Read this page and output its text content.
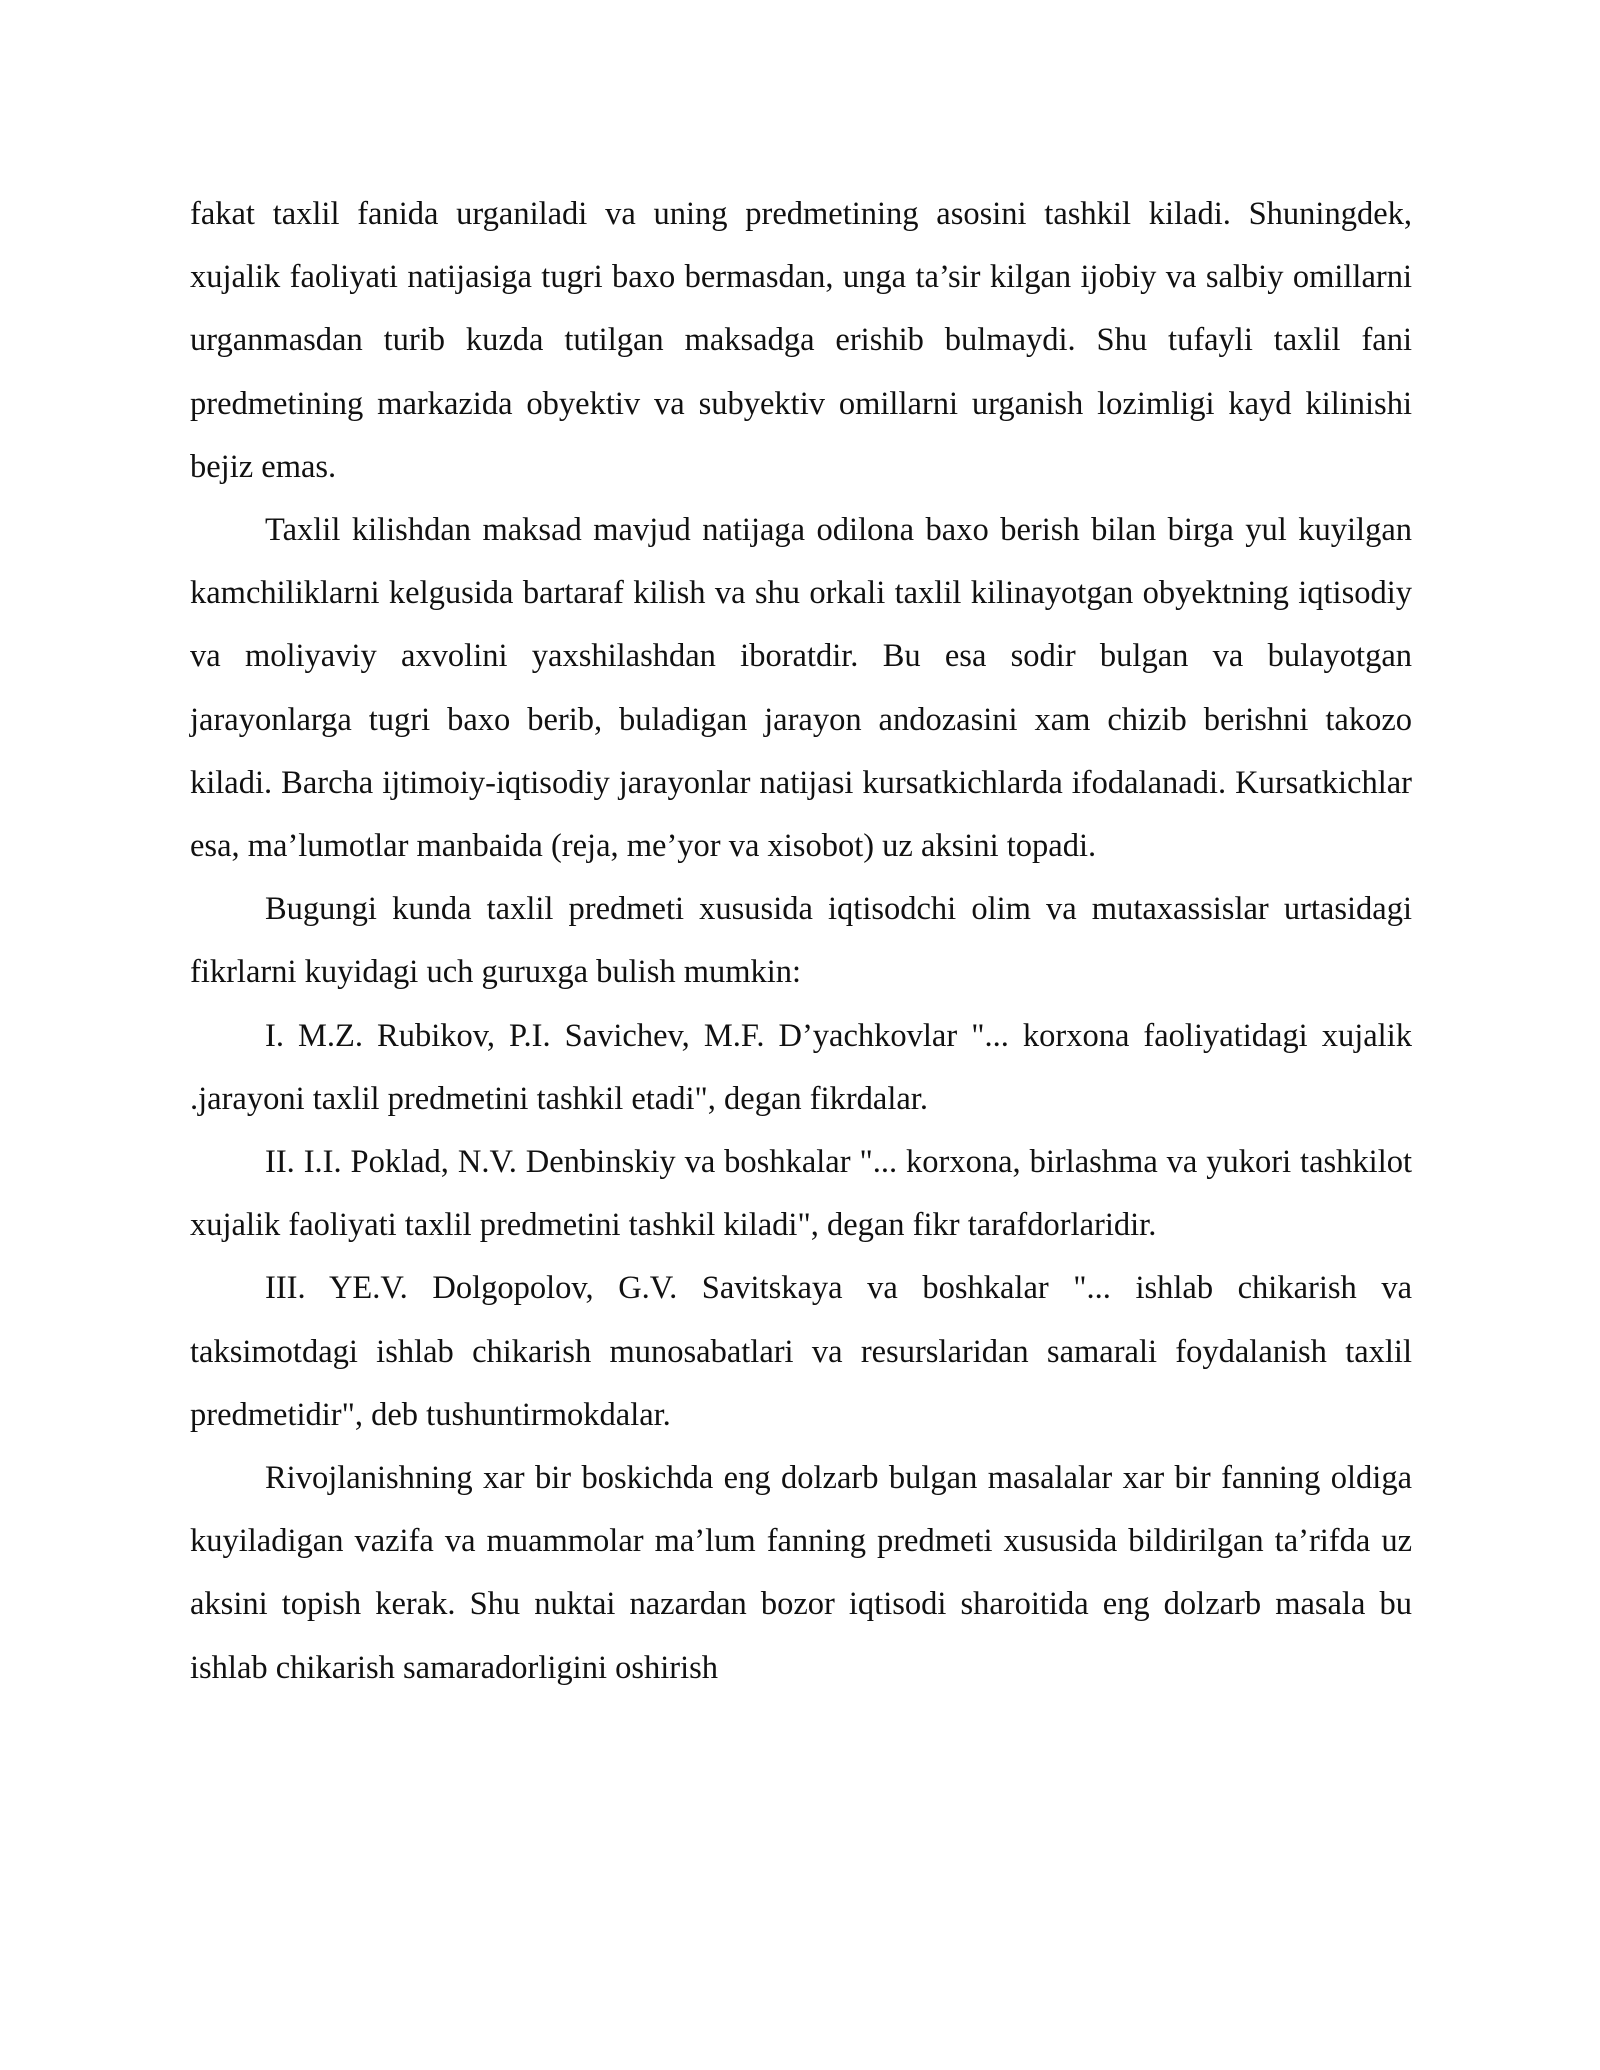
fakat taxlil fanida urganiladi va uning predmetining asosini tashkil kiladi. Shuningdek, xujalik faoliyati natijasiga tugri baxo bermasdan, unga ta’sir kilgan ijobiy va salbiy omillarni urganmasdan turib kuzda tutilgan maksadga erishib bulmaydi. Shu tufayli taxlil fani predmetining markazida obyektiv va subyektiv omillarni urganish lozimligi kayd kilinishi bejiz emas.

Taxlil kilishdan maksad mavjud natijaga odilona baxo berish bilan birga yul kuyilgan kamchiliklarni kelgusida bartaraf kilish va shu orkali taxlil kilinayotgan obyektning iqtisodiy va moliyaviy axvolini yaxshilashdan iboratdir. Bu esa sodir bulgan va bulayotgan jarayonlarga tugri baxo berib, buladigan jarayon andozasini xam chizib berishni takozo kiladi. Barcha ijtimoiy-iqtisodiy jarayonlar natijasi kursatkichlarda ifodalanadi. Kursatkichlar esa, ma’lumotlar manbaida (reja, me’yor va xisobot) uz aksini topadi.

Bugungi kunda taxlil predmeti xususida iqtisodchi olim va mutaxassislar urtasidagi fikrlarni kuyidagi uch guruxga bulish mumkin:

I. M.Z. Rubikov, P.I. Savichev, M.F. D’yachkovlar "... korxona faoliyatidagi xujalik .jarayoni taxlil predmetini tashkil etadi", degan fikrdalar.

II. I.I. Poklad, N.V. Denbinskiy va boshkalar "... korxona, birlashma va yukori tashkilot xujalik faoliyati taxlil predmetini tashkil kiladi", degan fikr tarafdorlaridir.

III. YE.V. Dolgopolov, G.V. Savitskaya va boshkalar "... ishlab chikarish va taksimotdagi ishlab chikarish munosabatlari va resurslaridan samarali foydalanish taxlil predmetidir", deb tushuntirmokdalar.

Rivojlanishning xar bir boskichda eng dolzarb bulgan masalalar xar bir fanning oldiga kuyiladigan vazifa va muammolar ma’lum fanning predmeti xususida bildirilgan ta’rifda uz aksini topish kerak. Shu nuktai nazardan bozor iqtisodi sharoitida eng dolzarb masala bu ishlab chikarish samaradorligini oshirish
